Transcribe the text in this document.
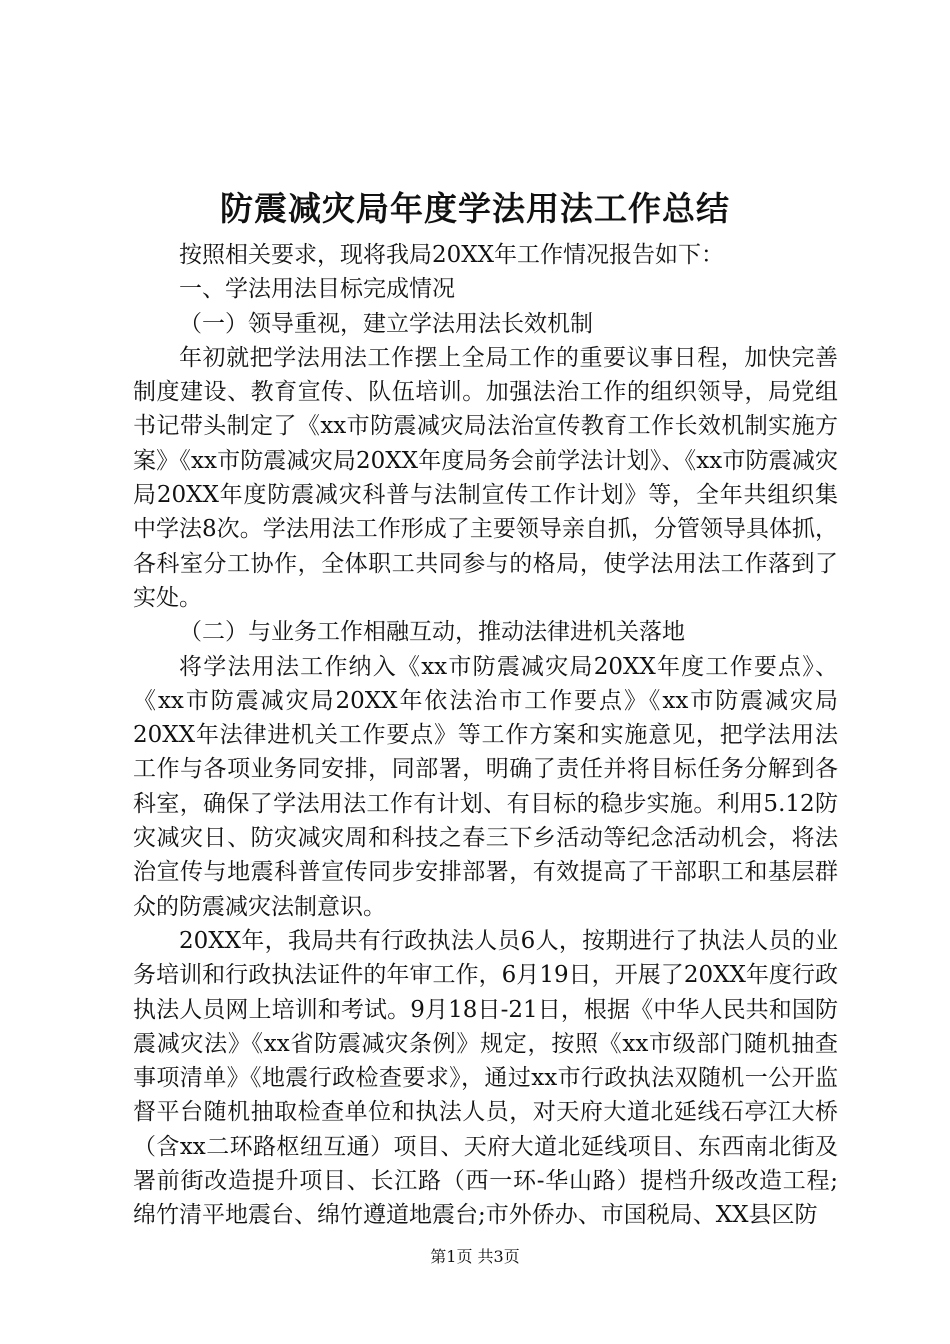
防震减灾局年度学法用法工作总结

按照相关要求，现将我局20XX年工作情况报告如下：

一、学法用法目标完成情况

（一）领导重视，建立学法用法长效机制

年初就把学法用法工作摆上全局工作的重要议事日程，加快完善制度建设、教育宣传、队伍培训。加强法治工作的组织领导，局党组书记带头制定了《xx市防震减灾局法治宣传教育工作长效机制实施方案》《xx市防震减灾局20XX年度局务会前学法计划》、《xx市防震减灾局20XX年度防震减灾科普与法制宣传工作计划》等，全年共组织集中学法8次。学法用法工作形成了主要领导亲自抓，分管领导具体抓，各科室分工协作，全体职工共同参与的格局，使学法用法工作落到了实处。

（二）与业务工作相融互动，推动法律进机关落地

将学法用法工作纳入《xx市防震减灾局20XX年度工作要点》、《xx市防震减灾局20XX年依法治市工作要点》《xx市防震减灾局20XX年法律进机关工作要点》等工作方案和实施意见，把学法用法工作与各项业务同安排，同部署，明确了责任并将目标任务分解到各科室，确保了学法用法工作有计划、有目标的稳步实施。利用5.12防灾减灾日、防灾减灾周和科技之春三下乡活动等纪念活动机会，将法治宣传与地震科普宣传同步安排部署，有效提高了干部职工和基层群众的防震减灾法制意识。

20XX年，我局共有行政执法人员6人，按期进行了执法人员的业务培训和行政执法证件的年审工作，6月19日，开展了20XX年度行政执法人员网上培训和考试。9月18日-21日，根据《中华人民共和国防震减灾法》《xx省防震减灾条例》规定，按照《xx市级部门随机抽查事项清单》《地震行政检查要求》，通过xx市行政执法双随机一公开监督平台随机抽取检查单位和执法人员，对天府大道北延线石亭江大桥（含xx二环路枢纽互通）项目、天府大道北延线项目、东西南北街及署前街改造提升项目、长江路（西一环-华山路）提档升级改造工程;绵竹清平地震台、绵竹遵道地震台;市外侨办、市国税局、XX县区防

第1页 共3页
